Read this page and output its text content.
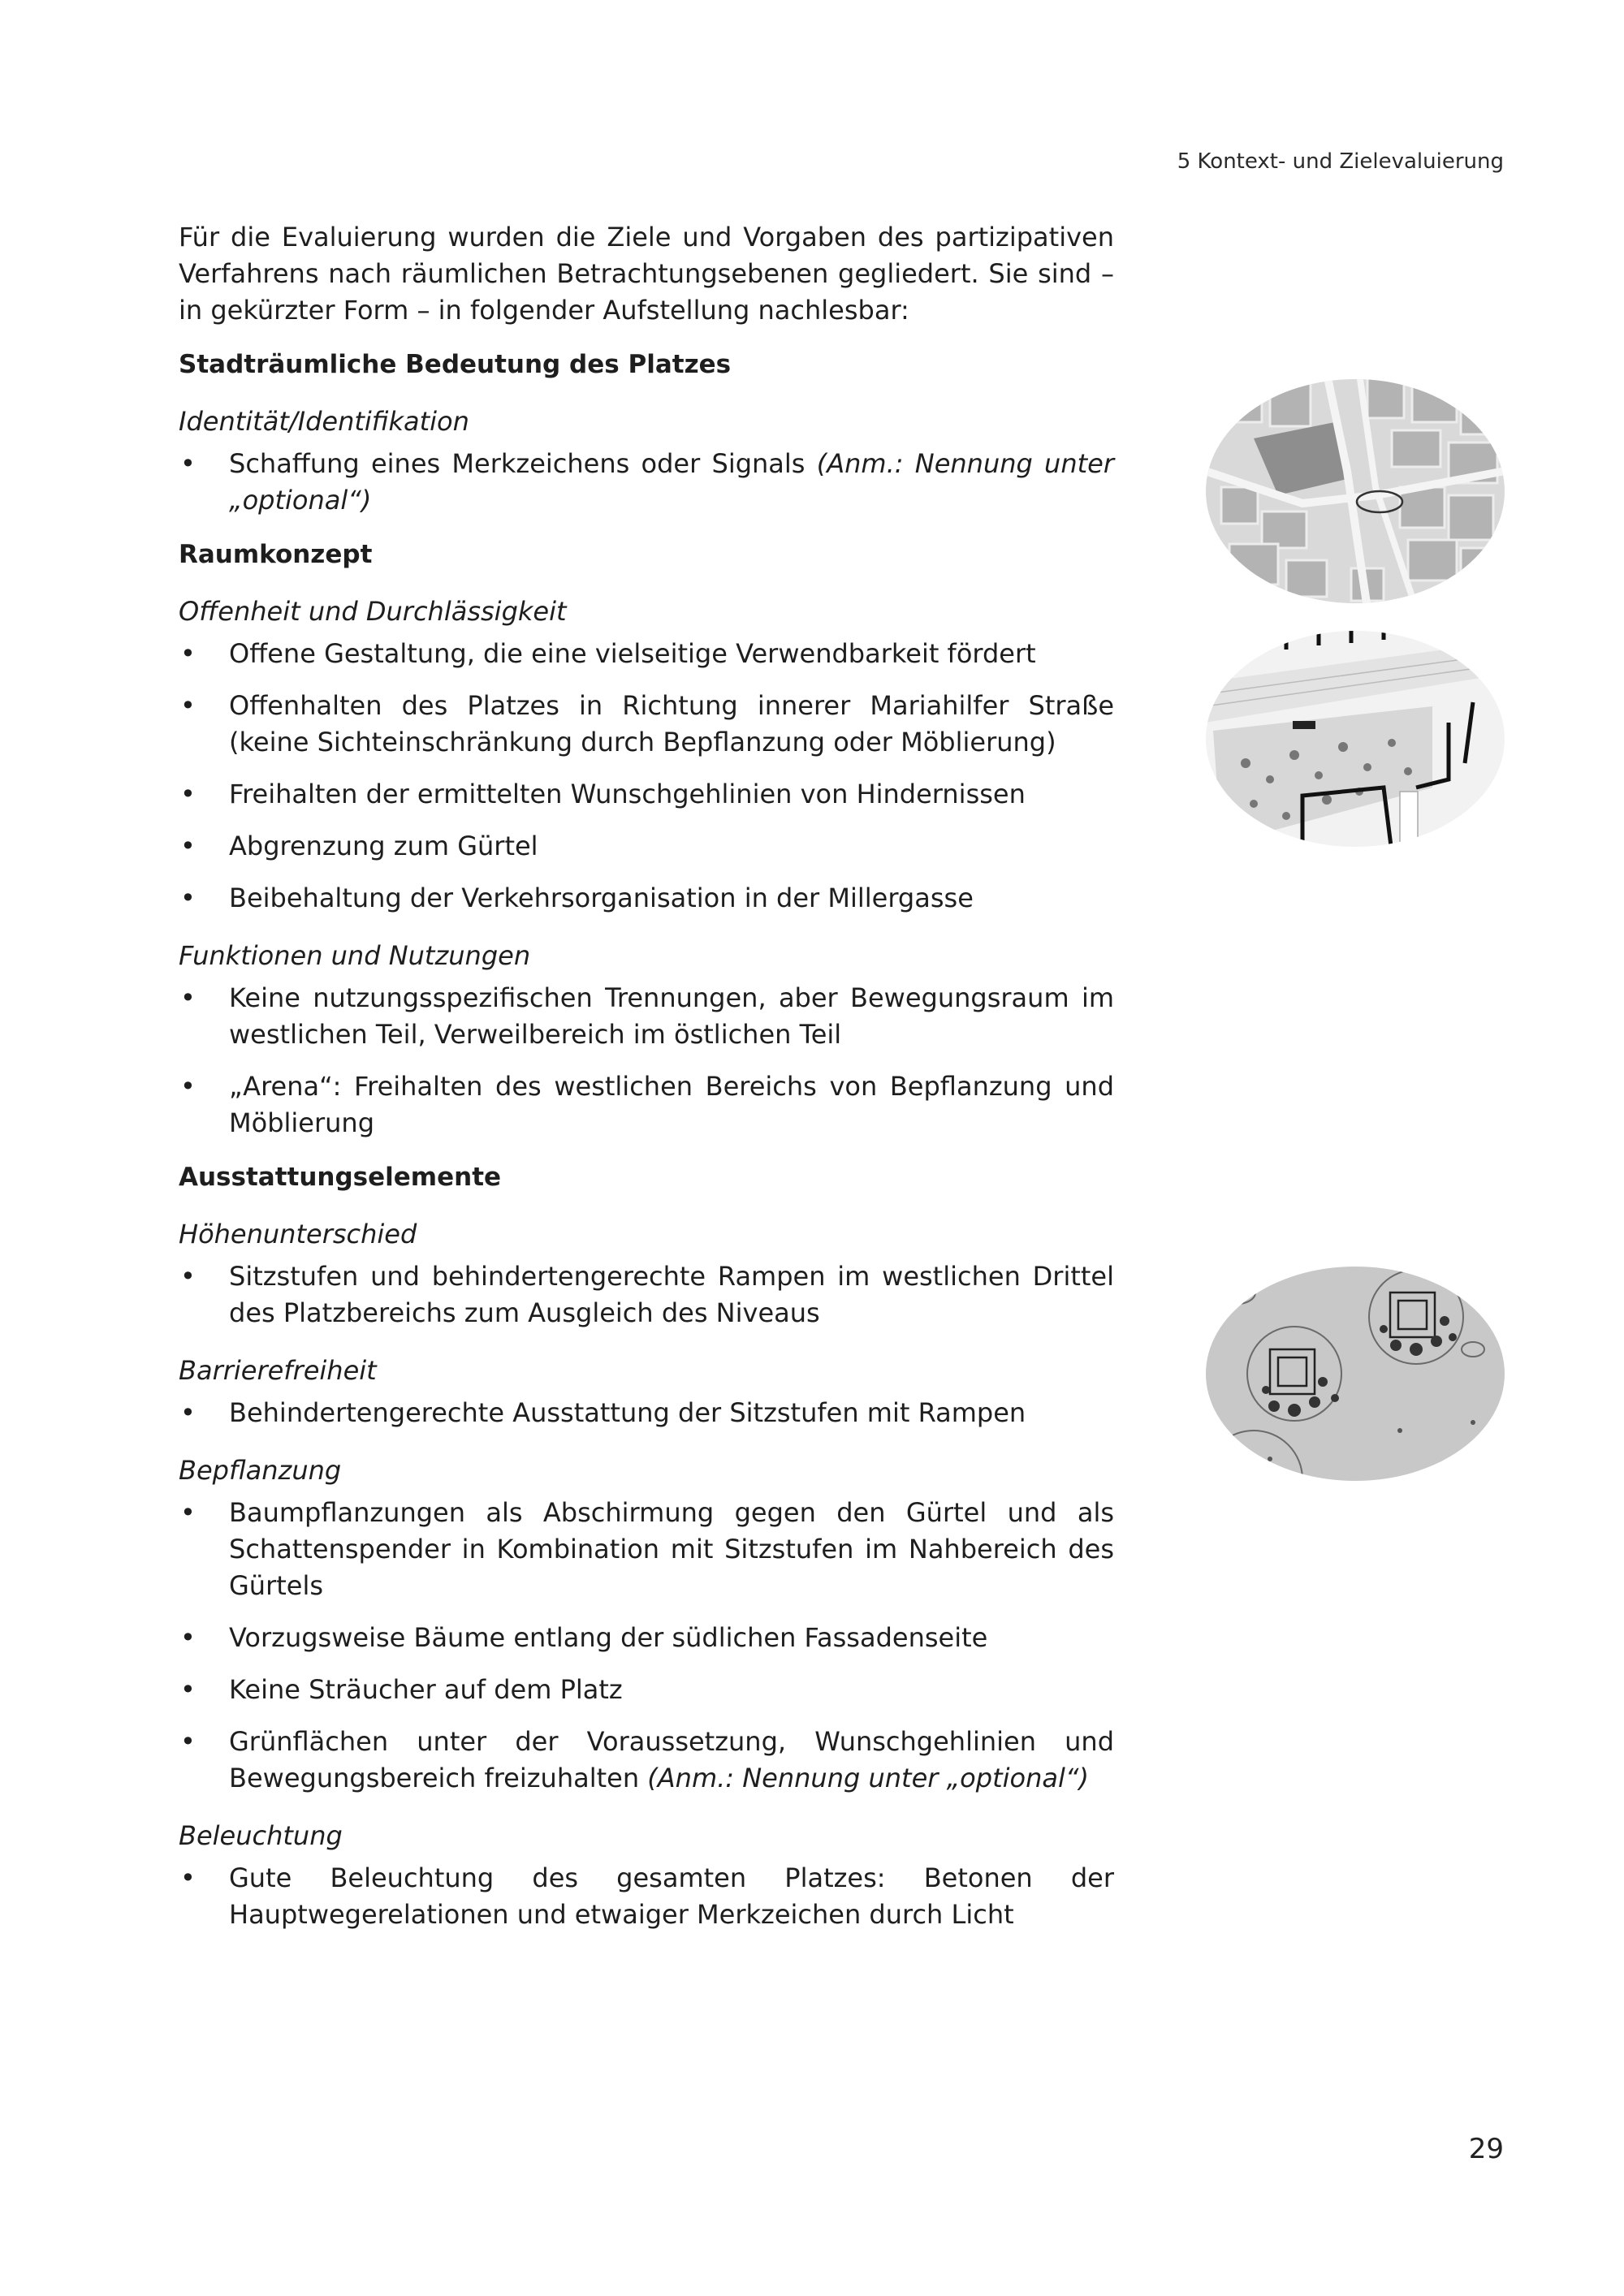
5 Kontext- und Zielevaluierung

Für die Evaluierung wurden die Ziele und Vorgaben des partizipativen Verfahrens nach räumlichen Betrachtungsebenen gegliedert. Sie sind – in gekürzter Form – in folgender Aufstellung nachlesbar:

Stadträumliche Bedeutung des Platzes
Identität/Identifikation
• Schaffung eines Merkzeichens oder Signals (Anm.: Nennung unter „optional“)
Raumkonzept
Offenheit und Durchlässigkeit
• Offene Gestaltung, die eine vielseitige Verwendbarkeit fördert
• Offenhalten des Platzes in Richtung innerer Mariahilfer Straße (keine Sichteinschränkung durch Bepflanzung oder Möblierung)
• Freihalten der ermittelten Wunschgehlinien von Hindernissen
• Abgrenzung zum Gürtel
• Beibehaltung der Verkehrsorganisation in der Millergasse
Funktionen und Nutzungen
• Keine nutzungsspezifischen Trennungen, aber Bewegungsraum im westlichen Teil, Verweilbereich im östlichen Teil
• „Arena“: Freihalten des westlichen Bereichs von Bepflanzung und Möblierung
Ausstattungselemente
Höhenunterschied
• Sitzstufen und behindertengerechte Rampen im westlichen Drittel des Platzbereichs zum Ausgleich des Niveaus
Barrierefreiheit
• Behindertengerechte Ausstattung der Sitzstufen mit Rampen
Bepflanzung
• Baumpflanzungen als Abschirmung gegen den Gürtel und als Schattenspender in Kombination mit Sitzstufen im Nahbereich des Gürtels
• Vorzugsweise Bäume entlang der südlichen Fassadenseite
• Keine Sträucher auf dem Platz
• Grünflächen unter der Voraussetzung, Wunschgehlinien und Bewegungsbereich freizuhalten (Anm.: Nennung unter „optional“)
Beleuchtung
• Gute Beleuchtung des gesamten Platzes: Betonen der Hauptwegerelationen und etwaiger Merkzeichen durch Licht
29
